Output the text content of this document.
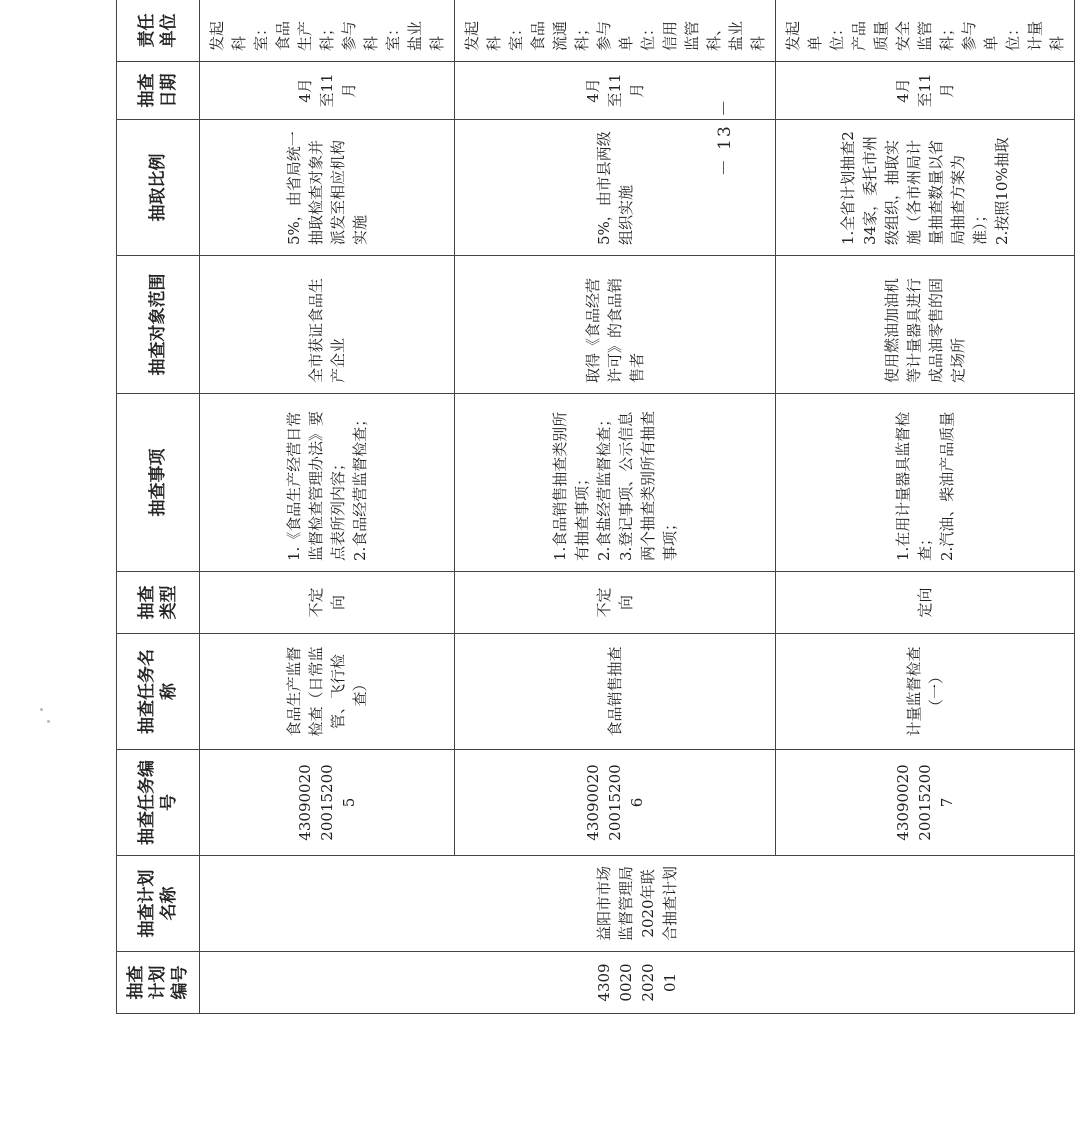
抽查计划编号	抽查计划名称	抽查任务编号	抽查任务名称	抽查类型	抽查事项	抽查对象范围	抽取比例	抽查日期	责任单位
43090020202001	益阳市市场监督管理局2020年联合抽查计划	43090020200152005	食品生产监督检查（日常监管、飞行检查）	不定向	1.《食品生产经营日常监督检查管理办法》要点表所列内容； 2.食品经营监督检查；	全市获证食品生产企业	5%，由省局统一抽取检查对象并派发至相应机构实施	4月至11月	发起科室：食品生产科；参与科室：盐业科
		43090020200152006	食品销售抽查	不定向	1.食品销售抽查类别所有抽查事项； 2.食盐经营监督检查； 3.登记事项、公示信息两个抽查类别所有抽查事项；	取得《食品经营许可》的食品销售者	5%，由市县两级组织实施	4月至11月	发起科室：食品流通科；参与单位：信用监管科、盐业科
		43090020200152007	计量监督检查（一）	定向	1.在用计量器具监督检查； 2.汽油、柴油产品质量	使用燃油加油机等计量器具进行成品油零售的固定场所	1.全省计划抽查234家，委托市州级组织，抽取实施（各市州局计量抽查数量以省局抽查方案为准）； 2.按照10%抽取	4月至11月	发起单位：产品质量安全监管科；参与单位：计量科
－ 13 －
